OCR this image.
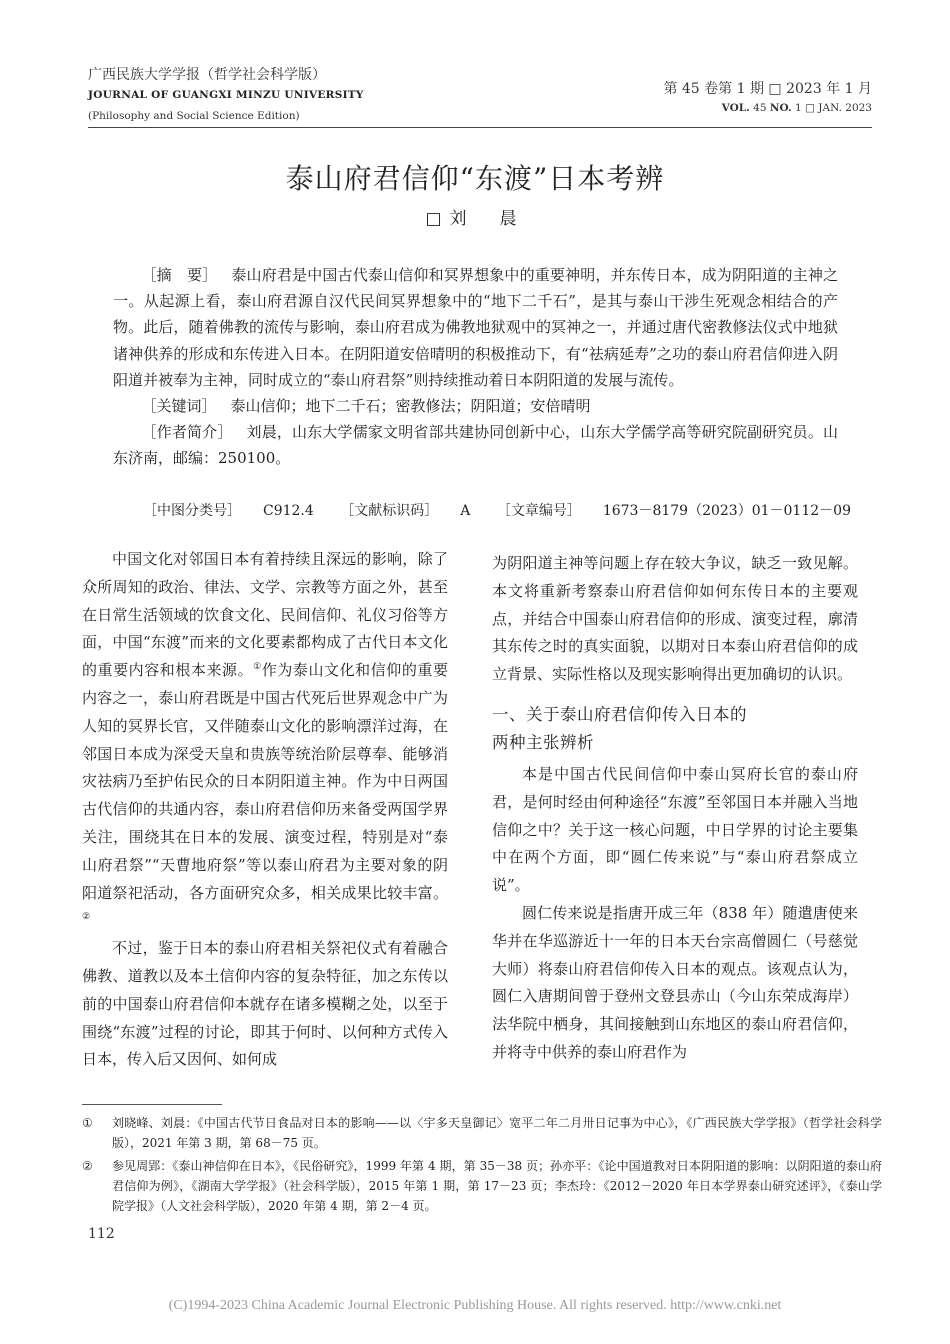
广西民族大学学报（哲学社会科学版）
JOURNAL OF GUANGXI MINZU UNIVERSITY
(Philosophy and Social Science Edition)
第 45 卷第 1 期 □ 2023 年 1 月
VOL. 45 NO. 1 □ JAN. 2023
泰山府君信仰“东渡”日本考辨
□刘　晨

［摘　要］ 泰山府君是中国古代泰山信仰和冥界想象中的重要神明，并东传日本，成为阴阳道的主神之一。从起源上看，泰山府君源自汉代民间冥界想象中的“地下二千石”，是其与泰山干涉生死观念相结合的产物。此后，随着佛教的流传与影响，泰山府君成为佛教地狱观中的冥神之一，并通过唐代密教修法仪式中地狱诸神供养的形成和东传进入日本。在阴阳道安倍晴明的积极推动下，有“祛病延寿”之功的泰山府君信仰进入阴阳道并被奉为主神，同时成立的“泰山府君祭”则持续推动着日本阴阳道的发展与流传。

［关键词］ 泰山信仰；地下二千石；密教修法；阴阳道；安倍晴明

［作者简介］ 刘晨，山东大学儒家文明省部共建协同创新中心，山东大学儒学高等研究院副研究员。山东济南，邮编：250100。

［中图分类号］ C912.4 ［文献标识码］ A ［文章编号］ 1673－8179（2023）01－0112－09

中国文化对邻国日本有着持续且深远的影响，除了众所周知的政治、律法、文学、宗教等方面之外，甚至在日常生活领域的饮食文化、民间信仰、礼仪习俗等方面，中国“东渡”而来的文化要素都构成了古代日本文化的重要内容和根本来源。①作为泰山文化和信仰的重要内容之一，泰山府君既是中国古代死后世界观念中广为人知的冥界长官，又伴随泰山文化的影响漂洋过海，在邻国日本成为深受天皇和贵族等统治阶层尊奉、能够消灾祛病乃至护佑民众的日本阴阳道主神。作为中日两国古代信仰的共通内容，泰山府君信仰历来备受两国学界关注，围绕其在日本的发展、演变过程，特别是对“泰山府君祭”“天曹地府祭”等以泰山府君为主要对象的阴阳道祭祀活动，各方面研究众多，相关成果比较丰富。②

不过，鉴于日本的泰山府君相关祭祀仪式有着融合佛教、道教以及本土信仰内容的复杂特征，加之东传以前的中国泰山府君信仰本就存在诸多模糊之处，以至于围绕“东渡”过程的讨论，即其于何时、以何种方式传入日本，传入后又因何、如何成

为阴阳道主神等问题上存在较大争议，缺乏一致见解。本文将重新考察泰山府君信仰如何东传日本的主要观点，并结合中国泰山府君信仰的形成、演变过程，廓清其东传之时的真实面貌，以期对日本泰山府君信仰的成立背景、实际性格以及现实影响得出更加确切的认识。

一、关于泰山府君信仰传入日本的
两种主张辨析

本是中国古代民间信仰中泰山冥府长官的泰山府君，是何时经由何种途径“东渡”至邻国日本并融入当地信仰之中？关于这一核心问题，中日学界的讨论主要集中在两个方面，即“圆仁传来说”与“泰山府君祭成立说”。

圆仁传来说是指唐开成三年（838 年）随遣唐使来华并在华巡游近十一年的日本天台宗高僧圆仁（号慈觉大师）将泰山府君信仰传入日本的观点。该观点认为，圆仁入唐期间曾于登州文登县赤山（今山东荣成海岸）法华院中栖身，其间接触到山东地区的泰山府君信仰，并将寺中供养的泰山府君作为

①	刘晓峰、刘晨：《中国古代节日食品对日本的影响——以〈宇多天皇御记〉宽平二年二月卅日记事为中心》，《广西民族大学学报》（哲学社会科学版），2021 年第 3 期，第 68－75 页。
②	参见周郢：《泰山神信仰在日本》，《民俗研究》，1999 年第 4 期，第 35－38 页；孙亦平：《论中国道教对日本阴阳道的影响：以阴阳道的泰山府君信仰为例》，《湖南大学学报》（社会科学版），2015 年第 1 期，第 17－23 页；李杰玲：《2012－2020 年日本学界泰山研究述评》，《泰山学院学报》（人文社会科学版），2020 年第 4 期，第 2－4 页。
112
(C)1994-2023 China Academic Journal Electronic Publishing House. All rights reserved. http://www.cnki.net
